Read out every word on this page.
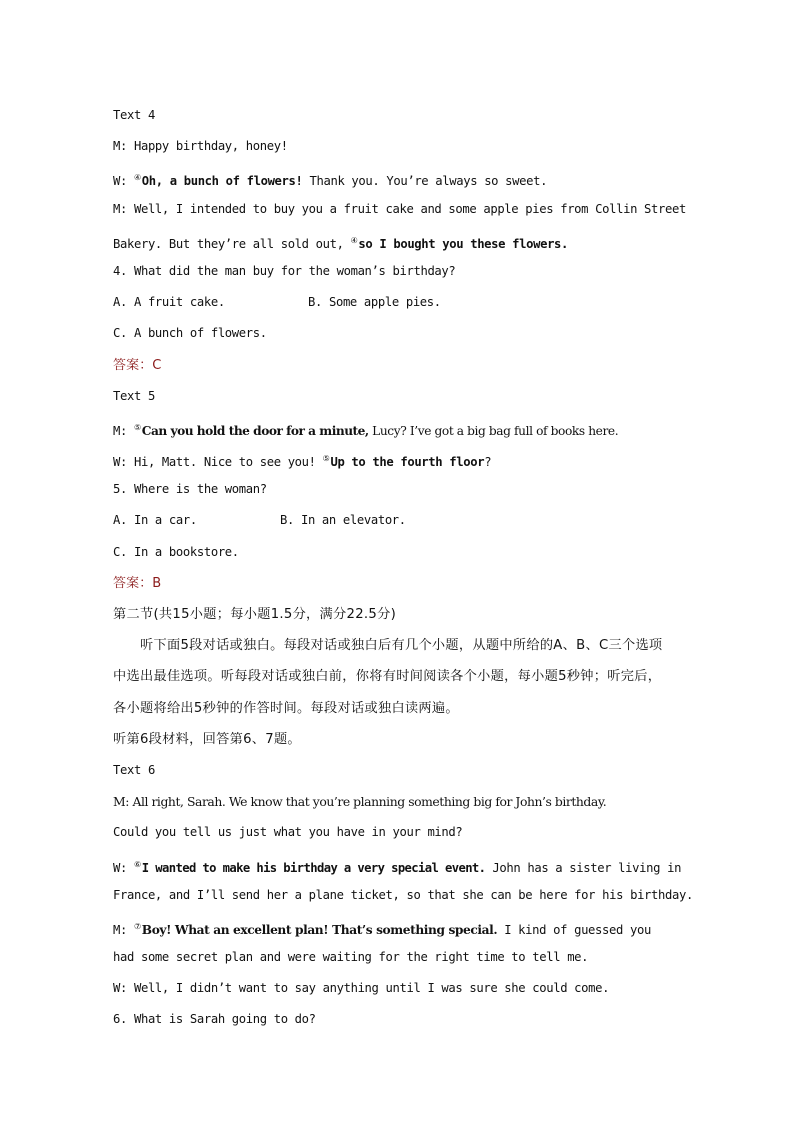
Text 4
M: Happy birthday, honey!
W: ④Oh, a bunch of flowers! Thank you. You’re always so sweet.
M: Well, I intended to buy you a fruit cake and some apple pies from Collin Street
Bakery. But they’re all sold out, ④so I bought you these flowers.
4. What did the man buy for the woman’s birthday?
A. A fruit cake.	B. Some apple pies.
C. A bunch of flowers.
答案：C
Text 5
M: ⑤Can you hold the door for a minute, Lucy? I’ve got a big bag full of books here.
W: Hi, Matt. Nice to see you! ⑤Up to the fourth floor?
5. Where is the woman?
A. In a car.	B. In an elevator.
C. In a bookstore.
答案：B
第二节(共15小题；每小题1.5分，满分22.5分)
听下面5段对话或独白。每段对话或独白后有几个小题，从题中所给的A、B、C三个选项
中选出最佳选项。听每段对话或独白前，你将有时间阅读各个小题，每小题5秒钟；听完后，
各小题将给出5秒钟的作答时间。每段对话或独白读两遍。
听第6段材料，回答第6、7题。
Text 6
M: All right, Sarah. We know that you’re planning something big for John’s birthday.
Could you tell us just what you have in your mind?
W: ⑥I wanted to make his birthday a very special event. John has a sister living in
France, and I’ll send her a plane ticket, so that she can be here for his birthday.
M: ⑦Boy! What an excellent plan! That’s something special. I kind of guessed you
had some secret plan and were waiting for the right time to tell me.
W: Well, I didn’t want to say anything until I was sure she could come.
6. What is Sarah going to do?
